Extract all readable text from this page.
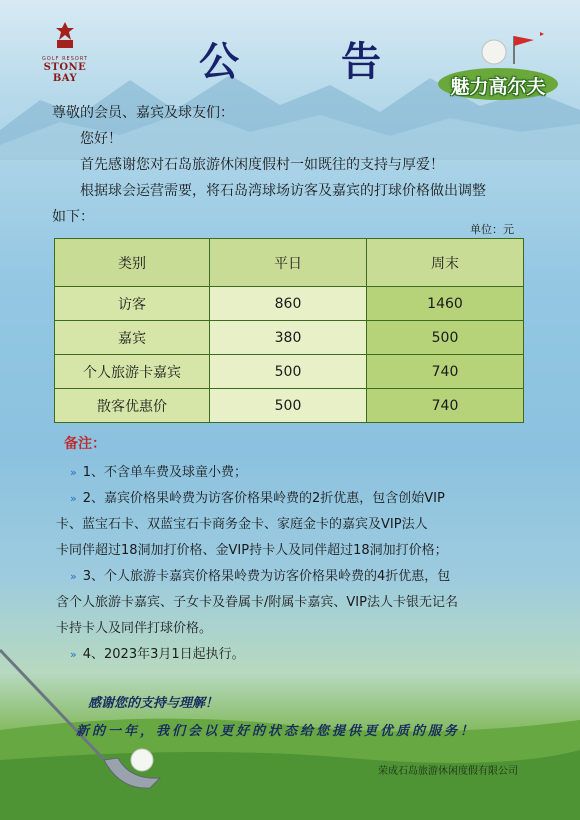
GOLF RESORT
STONE BAY	公 告
魅力高尔夫

尊敬的会员、嘉宾及球友们：

您好！

首先感谢您对石岛旅游休闲度假村一如既往的支持与厚爱！

根据球会运营需要，将石岛湾球场访客及嘉宾的打球价格做出调整

如下：

单位：元
类别	平日	周末
访客	860	1460
嘉宾	380	500
个人旅游卡嘉宾	500	740
散客优惠价	500	740
备注：
» 1、不含单车费及球童小费；
» 2、嘉宾价格果岭费为访客价格果岭费的2折优惠，包含创始VIP
卡、蓝宝石卡、双蓝宝石卡商务金卡、家庭金卡的嘉宾及VIP法人
卡同伴超过18洞加打价格、金VIP持卡人及同伴超过18洞加打价格；
» 3、个人旅游卡嘉宾价格果岭费为访客价格果岭费的4折优惠，包
含个人旅游卡嘉宾、子女卡及眷属卡/附属卡嘉宾、VIP法人卡银无记名
卡持卡人及同伴打球价格。
» 4、2023年3月1日起执行。

感谢您的支持与理解！

新的一年，我们会以更好的状态给您提供更优质的服务！

荣成石岛旅游休闲度假有限公司
